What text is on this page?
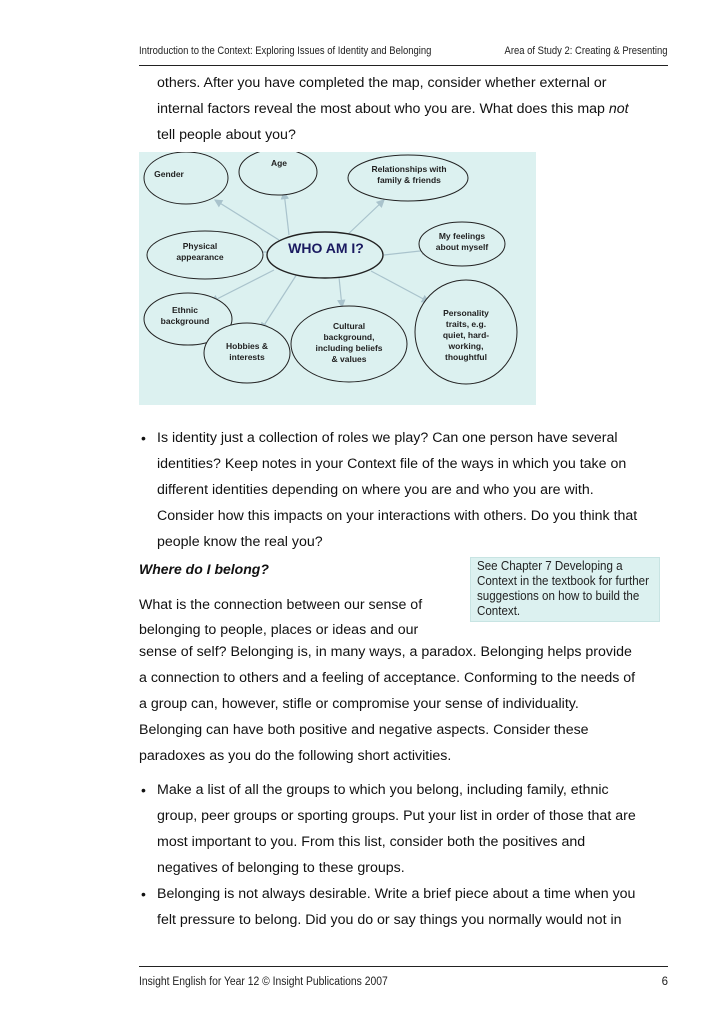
Introduction to the Context: Exploring Issues of Identity and Belonging	Area of Study 2: Creating & Presenting

others. After you have completed the map, consider whether external or

internal factors reveal the most about who you are. What does this map not

tell people about you?

Gender
Age
Relationships with
family & friends
Physical
appearance
WHO AM I?
My feelings
about myself
Ethnic
background
Hobbies &
interests
Cultural
background,
including beliefs
& values
Personality
traits, e.g.
quiet, hard-
working,
thoughtful
• Is identity just a collection of roles we play? Can one person have several

identities? Keep notes in your Context file of the ways in which you take on

different identities depending on where you are and who you are with.

Consider how this impacts on your interactions with others. Do you think that

people know the real you?

Where do I belong?	See Chapter 7 Developing a
Context in the textbook for further
suggestions on how to build the
Context.

What is the connection between our sense of

belonging to people, places or ideas and our

sense of self? Belonging is, in many ways, a paradox. Belonging helps provide

a connection to others and a feeling of acceptance. Conforming to the needs of

a group can, however, stifle or compromise your sense of individuality.

Belonging can have both positive and negative aspects. Consider these

paradoxes as you do the following short activities.

• Make a list of all the groups to which you belong, including family, ethnic

group, peer groups or sporting groups. Put your list in order of those that are

most important to you. From this list, consider both the positives and

negatives of belonging to these groups.

• Belonging is not always desirable. Write a brief piece about a time when you

felt pressure to belong. Did you do or say things you normally would not in

Insight English for Year 12 © Insight Publications 2007	6
